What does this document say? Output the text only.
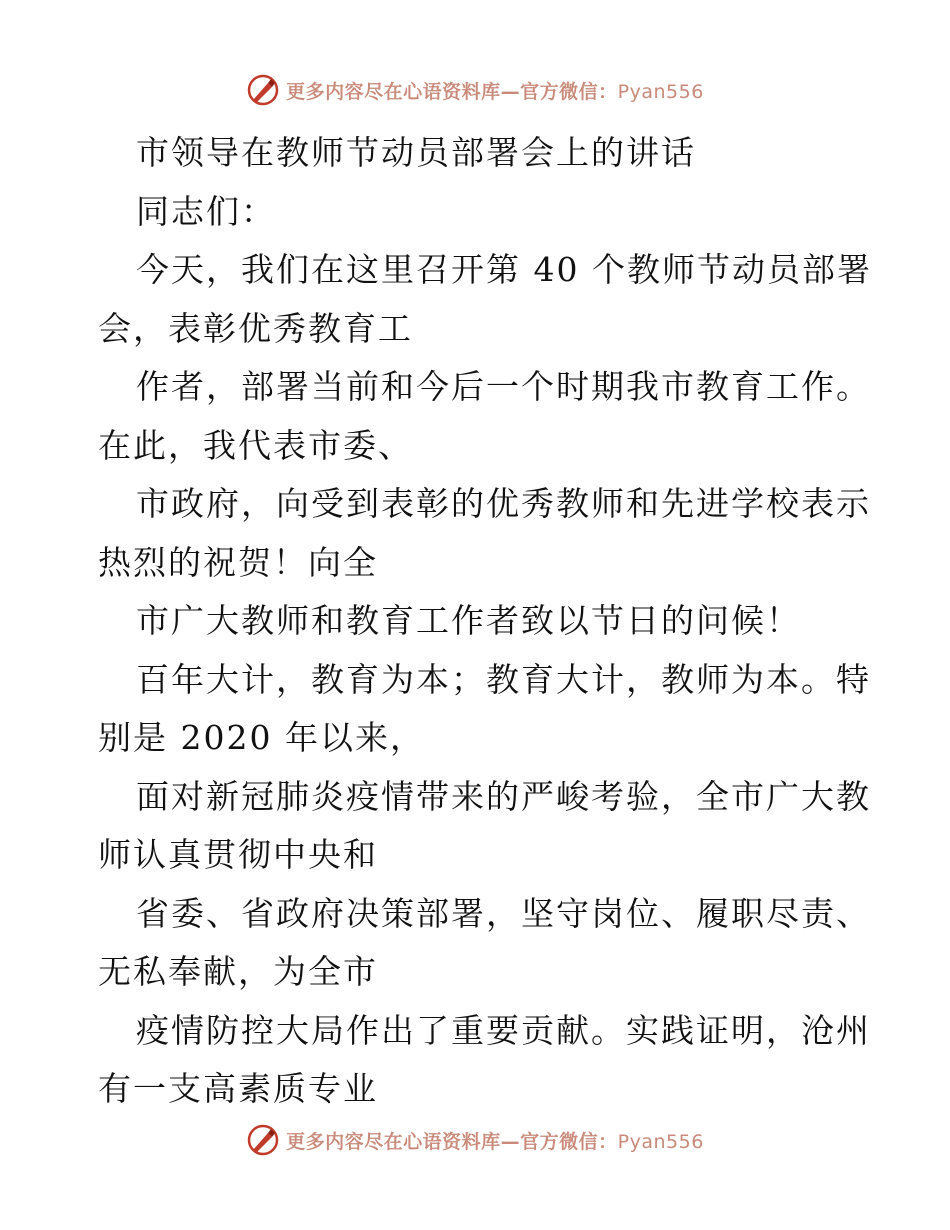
更多内容尽在心语资料库—官方微信：Pyan556
市领导在教师节动员部署会上的讲话
同志们：
今天，我们在这里召开第 40 个教师节动员部署
会，表彰优秀教育工
作者，部署当前和今后一个时期我市教育工作。
在此，我代表市委、
市政府，向受到表彰的优秀教师和先进学校表示
热烈的祝贺！向全
市广大教师和教育工作者致以节日的问候！
百年大计，教育为本；教育大计，教师为本。特
别是 2020 年以来，
面对新冠肺炎疫情带来的严峻考验，全市广大教
师认真贯彻中央和
省委、省政府决策部署，坚守岗位、履职尽责、
无私奉献，为全市
疫情防控大局作出了重要贡献。实践证明，沧州
有一支高素质专业
更多内容尽在心语资料库—官方微信：Pyan556
